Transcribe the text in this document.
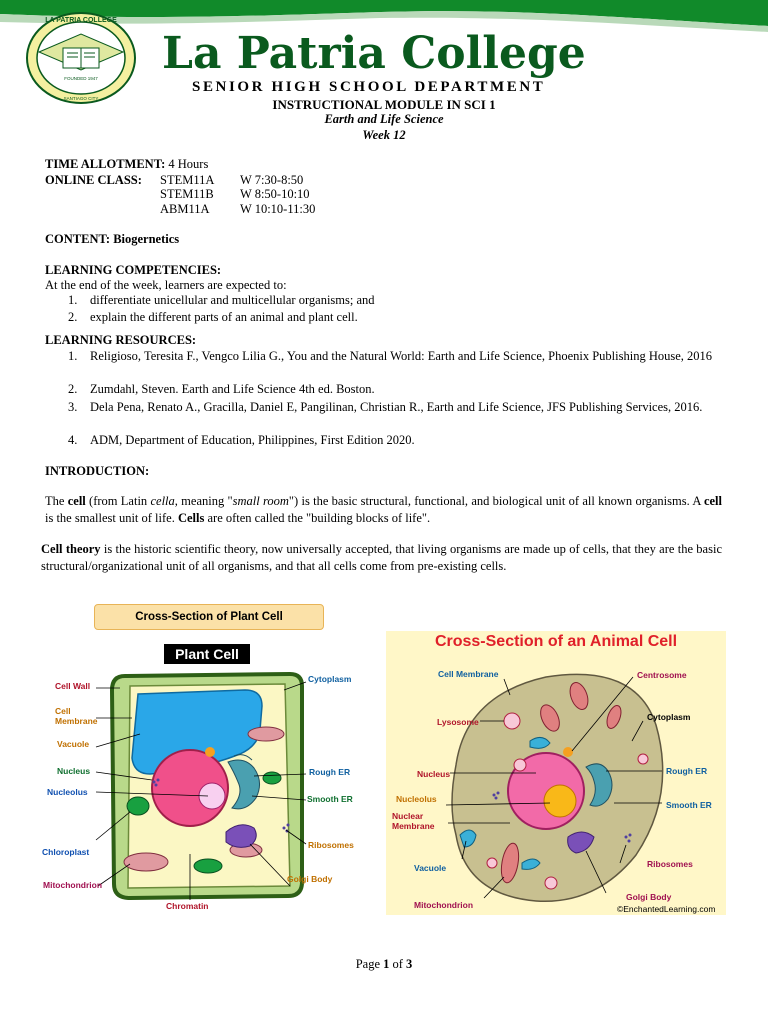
FOUNDED 1947
LA PATRIA COLLEGE
SANTIAGO CITY
La Patria College
SENIOR HIGH SCHOOL DEPARTMENT
INSTRUCTIONAL MODULE IN SCI 1
Earth and Life Science
Week 12
TIME ALLOTMENT: 4 Hours
ONLINE CLASS: STEM11A W 7:30-8:50
STEM11B W 8:50-10:10
ABM11A W 10:10-11:30
CONTENT: Biogernetics
LEARNING COMPETENCIES:
At the end of the week, learners are expected to:
1. differentiate unicellular and multicellular organisms; and
2. explain the different parts of an animal and plant cell.
LEARNING RESOURCES:
1. Religioso, Teresita F., Vengco Lilia G., You and the Natural World: Earth and Life Science, Phoenix Publishing House, 2016
2. Zumdahl, Steven. Earth and Life Science 4th ed. Boston.
3. Dela Pena, Renato A., Gracilla, Daniel E, Pangilinan, Christian R., Earth and Life Science, JFS Publishing Services, 2016.
4. ADM, Department of Education, Philippines, First Edition 2020.
INTRODUCTION:
The cell (from Latin cella, meaning "small room") is the basic structural, functional, and biological unit of all known organisms. A cell is the smallest unit of life. Cells are often called the "building blocks of life".
Cell theory is the historic scientific theory, now universally accepted, that living organisms are made up of cells, that they are the basic structural/organizational unit of all organisms, and that all cells come from pre-existing cells.
Cross-Section of Plant Cell
Plant Cell
Cell Wall
Cell
Membrane
Vacuole
Nucleus
Nucleolus
Chloroplast
Mitochondrion
Chromatin
Cytoplasm
Rough ER
Smooth ER
Ribosomes
Golgi Body
Cross-Section of an Animal Cell
Cell Membrane	Centrosome
Cytoplasm
Lysosome
Nucleus	Rough ER
Nucleolus
Smooth ER
Nuclear
Membrane
Vacuole	Ribosomes
Golgi Body
Mitochondrion	©EnchantedLearning.com
Page 1 of 3
